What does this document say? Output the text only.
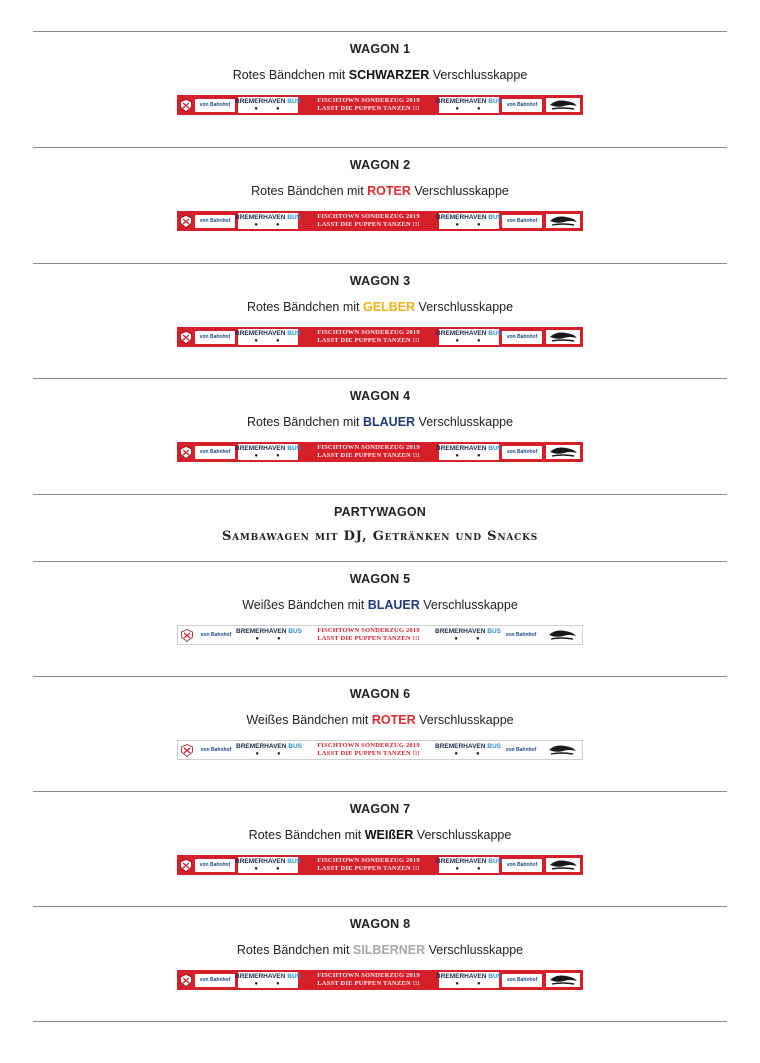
WAGON 1
Rotes Bändchen mit SCHWARZER Verschlusskappe
von Bahnhof BREMERHAVEN BUS
●●
FISCHTOWN SONDERZUG 2019
LASST DIE PUPPEN TANZEN !!!
BREMERHAVEN BUS
●●
von Bahnhof
WAGON 2
Rotes Bändchen mit ROTER Verschlusskappe
von Bahnhof BREMERHAVEN BUS
●●
FISCHTOWN SONDERZUG 2019
LASST DIE PUPPEN TANZEN !!!
BREMERHAVEN BUS
●●
von Bahnhof
WAGON 3
Rotes Bändchen mit GELBER Verschlusskappe
von Bahnhof BREMERHAVEN BUS
●●
FISCHTOWN SONDERZUG 2019
LASST DIE PUPPEN TANZEN !!!
BREMERHAVEN BUS
●●
von Bahnhof
WAGON 4
Rotes Bändchen mit BLAUER Verschlusskappe
von Bahnhof BREMERHAVEN BUS
●●
FISCHTOWN SONDERZUG 2019
LASST DIE PUPPEN TANZEN !!!
BREMERHAVEN BUS
●●
von Bahnhof
PARTYWAGON
Sambawagen mit DJ, Getränken und Snacks
WAGON 5
Weißes Bändchen mit BLAUER Verschlusskappe
von Bahnhof BREMERHAVEN BUS
●●
FISCHTOWN SONDERZUG 2019
LASST DIE PUPPEN TANZEN !!!
BREMERHAVEN BUS
●●
von Bahnhof
WAGON 6
Weißes Bändchen mit ROTER Verschlusskappe
von Bahnhof BREMERHAVEN BUS
●●
FISCHTOWN SONDERZUG 2019
LASST DIE PUPPEN TANZEN !!!
BREMERHAVEN BUS
●●
von Bahnhof
WAGON 7
Rotes Bändchen mit WEIßER Verschlusskappe
von Bahnhof BREMERHAVEN BUS
●●
FISCHTOWN SONDERZUG 2019
LASST DIE PUPPEN TANZEN !!!
BREMERHAVEN BUS
●●
von Bahnhof
WAGON 8
Rotes Bändchen mit SILBERNER Verschlusskappe
von Bahnhof BREMERHAVEN BUS
●●
FISCHTOWN SONDERZUG 2019
LASST DIE PUPPEN TANZEN !!!
BREMERHAVEN BUS
●●
von Bahnhof
